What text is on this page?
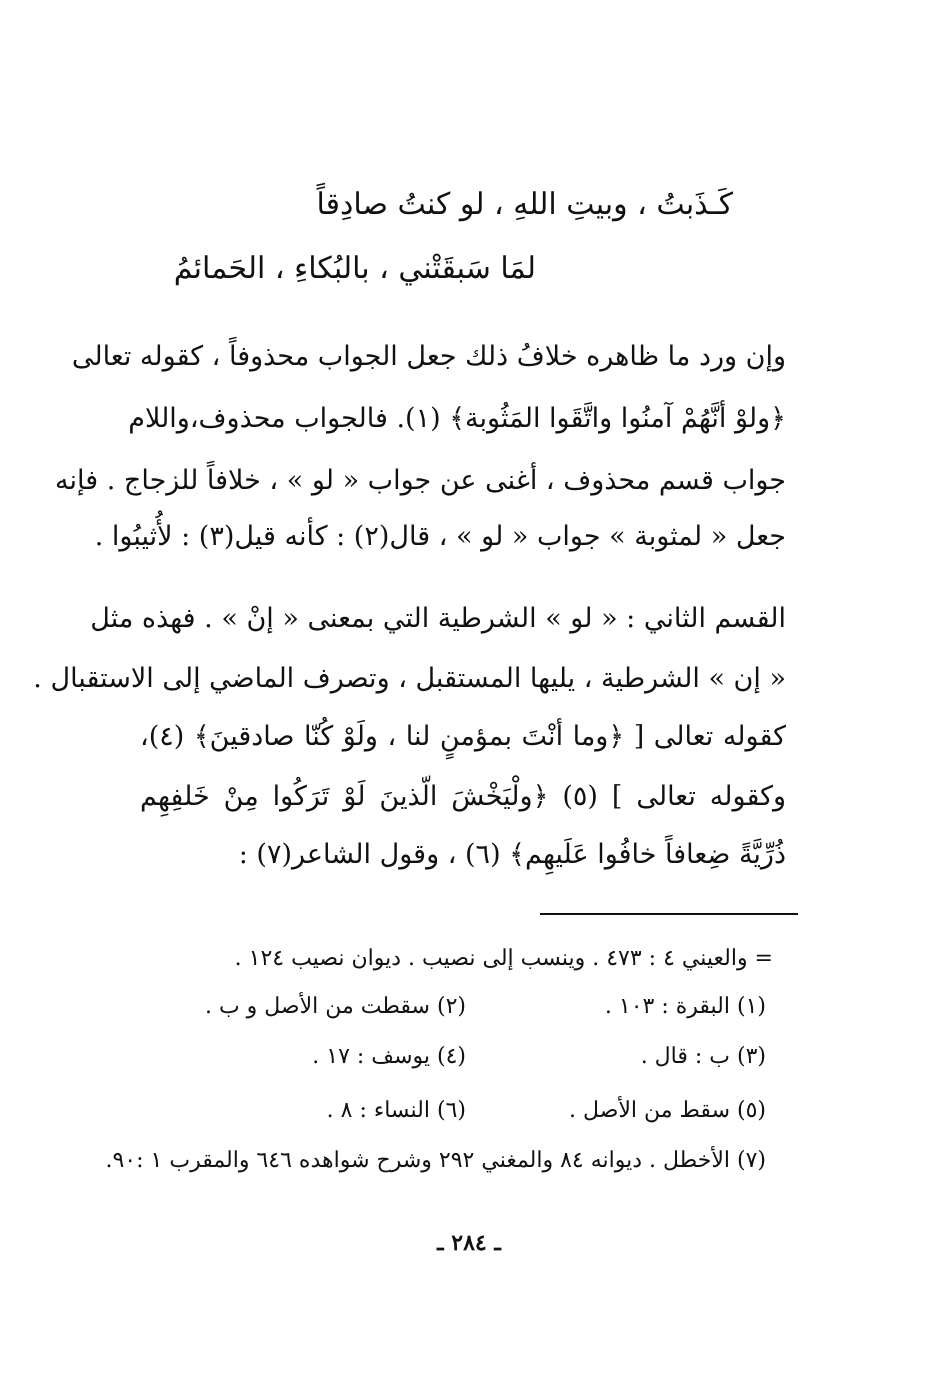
كَـذَبتُ ، وبيتِ اللهِ ، لو كنتُ صادِقاً
لمَا سَبقَتْني ، بالبُكاءِ ، الحَمائمُ
وإن ورد ما ظاهره خلافُ ذلك جعل الجواب محذوفاً ، كقوله تعالى
﴿ولوْ أنَّهُمْ آمنُوا واتَّقَوا المَثُوبة﴾ (١). فالجواب محذوف،واللام
جواب قسم محذوف ، أغنى عن جواب « لو » ، خلافاً للزجاج . فإنه
جعل « لمثوبة » جواب « لو » ، قال(٢) : كأنه قيل(٣) : لأُثيبُوا .
القسم الثاني : « لو » الشرطية التي بمعنى « إنْ » . فهذه مثل
« إن » الشرطية ، يليها المستقبل ، وتصرف الماضي إلى الاستقبال .
كقوله تعالى [ ﴿وما أنْتَ بمؤمنٍ لنا ، ولَوْ كُنّا صادقينَ﴾ (٤)،
وكقوله تعالى ] (٥) ﴿ولْيَخْشَ الّذينَ لَوْ تَرَكُوا مِنْ خَلفِهِم
ذُرِّيَّةً ضِعافاً خافُوا عَلَيهِم﴾ (٦) ، وقول الشاعر(٧) :
= والعيني ٤ : ٤٧٣ . وينسب إلى نصيب . ديوان نصيب ١٢٤ .
(١) البقرة : ١٠٣ .
(٢) سقطت من الأصل و ب .
(٣) ب : قال .
(٤) يوسف : ١٧ .
(٥) سقط من الأصل .
(٦) النساء : ٨ .
(٧) الأخطل . ديوانه ٨٤ والمغني ٢٩٢ وشرح شواهده ٦٤٦ والمقرب ١ :٩٠.
ـ ٢٨٤ ـ
